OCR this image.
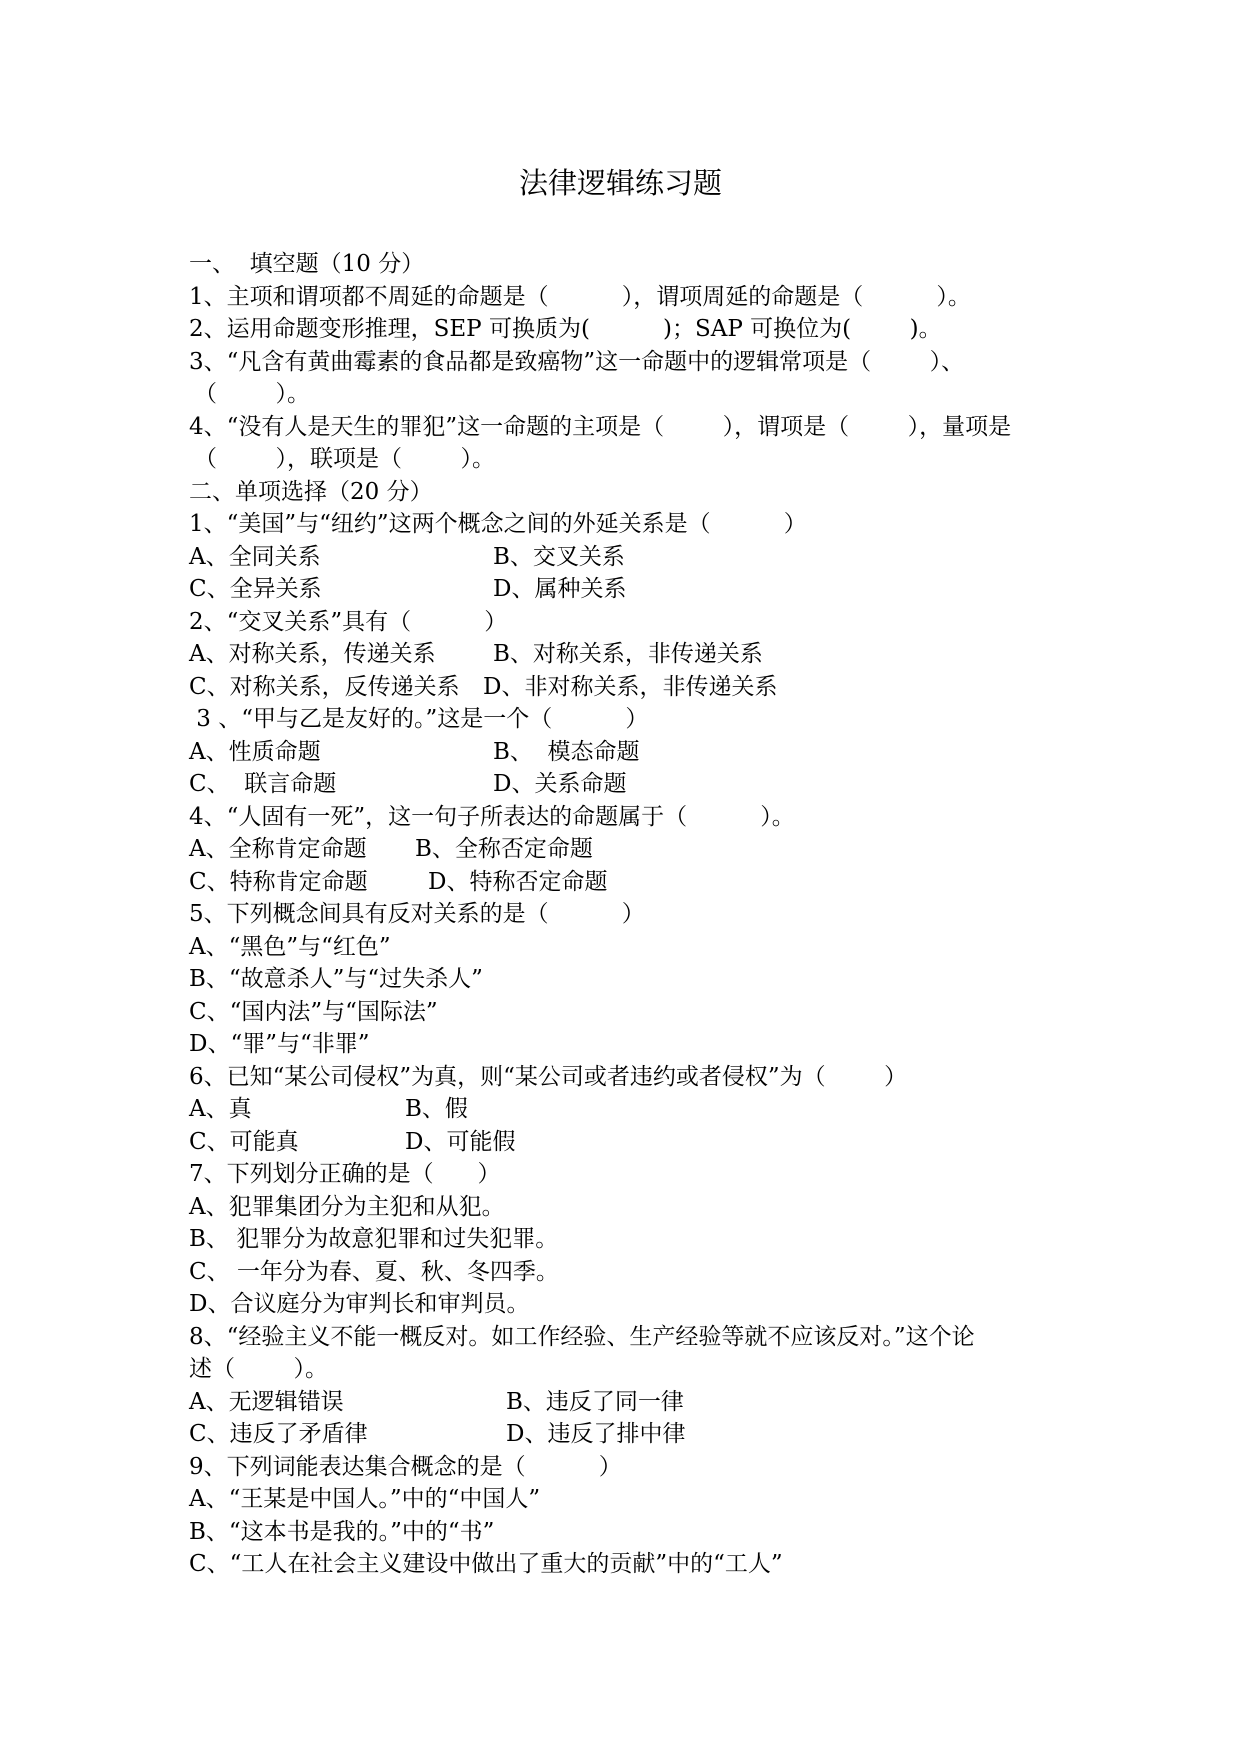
法律逻辑练习题
一、  填空题（10 分）
1、主项和谓项都不周延的命题是（          ），谓项周延的命题是（          ）。
2、运用命题变形推理，SEP 可换质为(          )；SAP 可换位为(        )。
3、“凡含有黄曲霉素的食品都是致癌物”这一命题中的逻辑常项是（        ）、
（        ）。
4、“没有人是天生的罪犯”这一命题的主项是（        ），谓项是（        ），量项是
（        ），联项是（        ）。
二、单项选择（20 分）
1、“美国”与“纽约”这两个概念之间的外延关系是（          ）
A、全同关系	B、交叉关系
C、全异关系	D、属种关系
2、“交叉关系”具有（          ）
A、对称关系，传递关系	B、对称关系，非传递关系
C、对称关系，反传递关系	D、非对称关系，非传递关系
3 、“甲与乙是友好的。”这是一个（          ）
A、性质命题	B、  模态命题
C、  联言命题	D、关系命题
4、“人固有一死”，这一句子所表达的命题属于（          ）。
A、全称肯定命题	B、全称否定命题
C、特称肯定命题	D、特称否定命题
5、下列概念间具有反对关系的是（          ）
A、“黑色”与“红色”
B、“故意杀人”与“过失杀人”
C、“国内法”与“国际法”
D、“罪”与“非罪”
6、已知“某公司侵权”为真，则“某公司或者违约或者侵权”为（        ）
A、真	B、假
C、可能真	D、可能假
7、下列划分正确的是（      ）
A、犯罪集团分为主犯和从犯。
B、 犯罪分为故意犯罪和过失犯罪。
C、 一年分为春、夏、秋、冬四季。
D、合议庭分为审判长和审判员。
8、“经验主义不能一概反对。如工作经验、生产经验等就不应该反对。”这个论
述（        ）。
A、无逻辑错误	B、违反了同一律
C、违反了矛盾律	D、违反了排中律
9、下列词能表达集合概念的是（          ）
A、“王某是中国人。”中的“中国人”
B、“这本书是我的。”中的“书”
C、“工人在社会主义建设中做出了重大的贡献”中的“工人”
